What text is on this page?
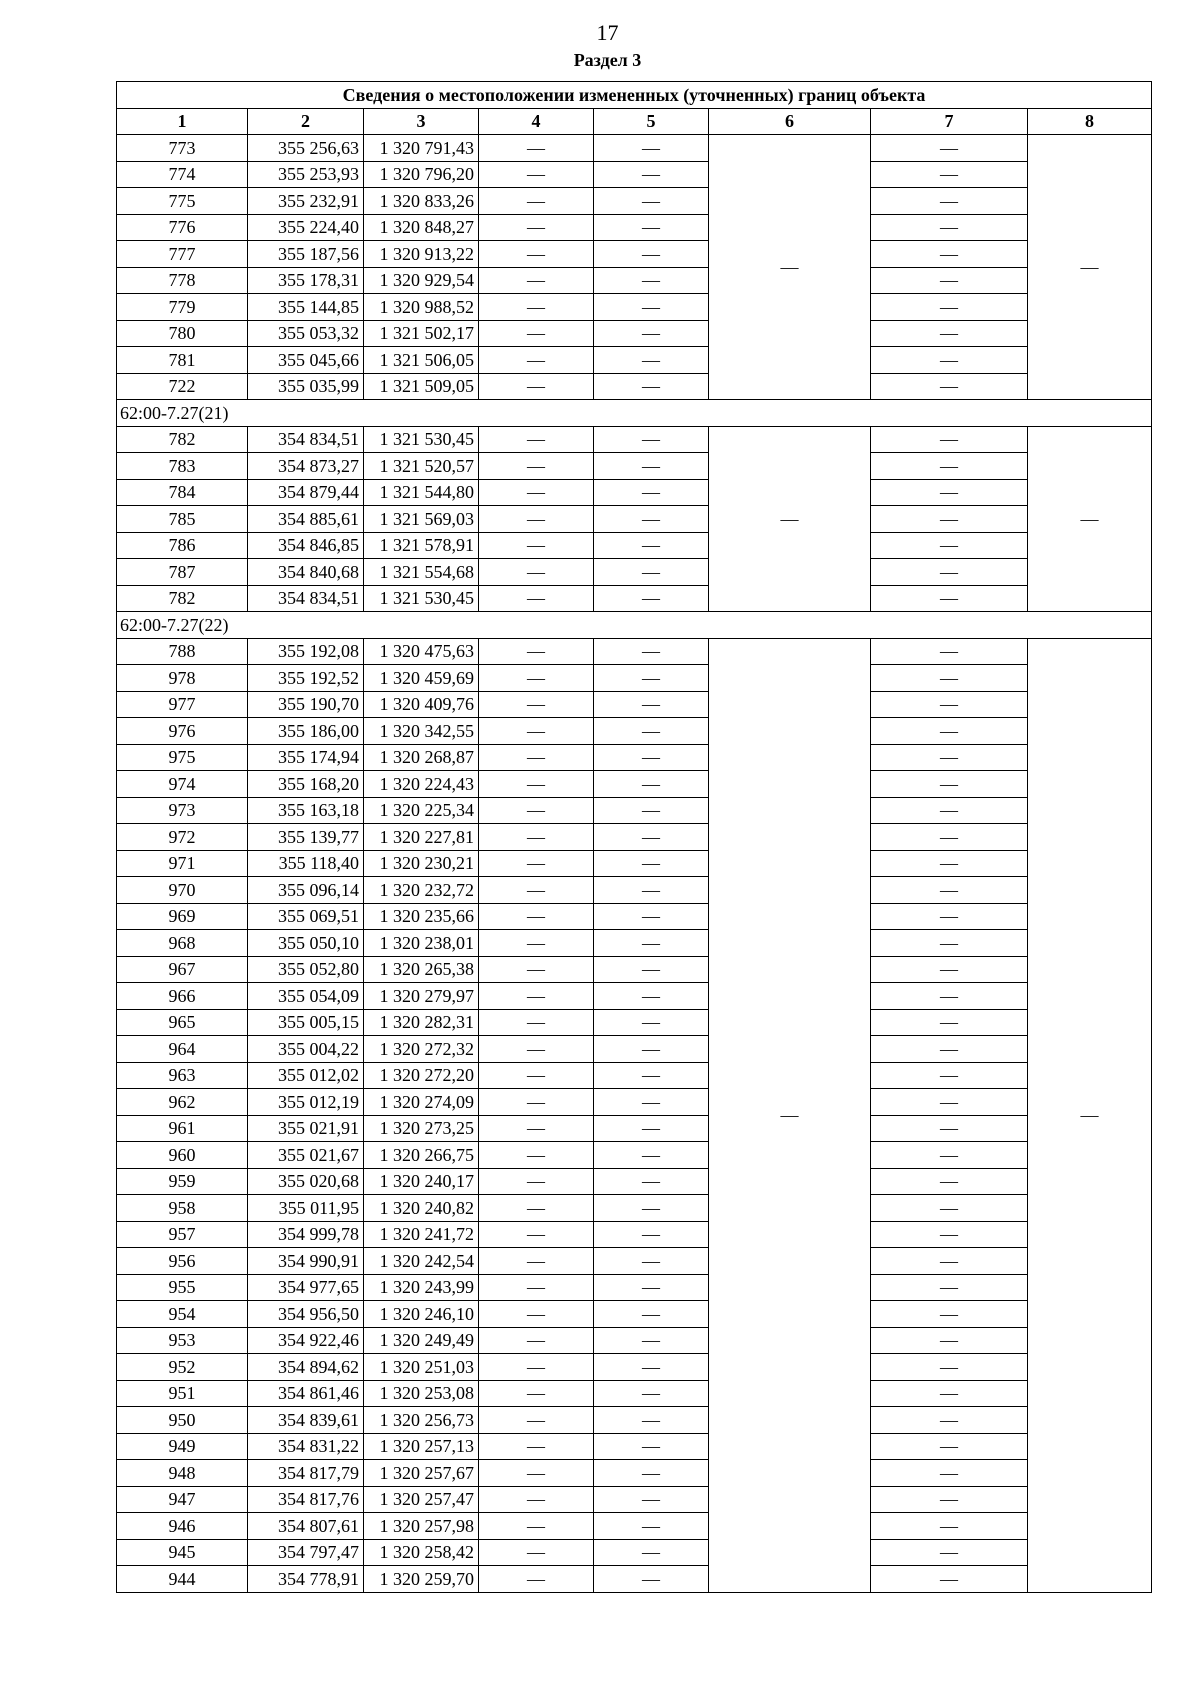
17
Раздел 3
Сведения о местоположении измененных (уточненных) границ объекта							
1	2	3	4	5	6	7	8
773	355 256,63	1 320 791,43	—	—	—	—	—
774	355 253,93	1 320 796,20	—	—		—	
775	355 232,91	1 320 833,26	—	—		—	
776	355 224,40	1 320 848,27	—	—		—	
777	355 187,56	1 320 913,22	—	—		—	
778	355 178,31	1 320 929,54	—	—		—	
779	355 144,85	1 320 988,52	—	—		—	
780	355 053,32	1 321 502,17	—	—		—	
781	355 045,66	1 321 506,05	—	—		—	
722	355 035,99	1 321 509,05	—	—		—	
62:00-7.27(21)							
782	354 834,51	1 321 530,45	—	—	—	—	—
783	354 873,27	1 321 520,57	—	—		—	
784	354 879,44	1 321 544,80	—	—		—	
785	354 885,61	1 321 569,03	—	—		—	
786	354 846,85	1 321 578,91	—	—		—	
787	354 840,68	1 321 554,68	—	—		—	
782	354 834,51	1 321 530,45	—	—		—	
62:00-7.27(22)							
788	355 192,08	1 320 475,63	—	—	—	—	—
978	355 192,52	1 320 459,69	—	—		—	
977	355 190,70	1 320 409,76	—	—		—	
976	355 186,00	1 320 342,55	—	—		—	
975	355 174,94	1 320 268,87	—	—		—	
974	355 168,20	1 320 224,43	—	—		—	
973	355 163,18	1 320 225,34	—	—		—	
972	355 139,77	1 320 227,81	—	—		—	
971	355 118,40	1 320 230,21	—	—		—	
970	355 096,14	1 320 232,72	—	—		—	
969	355 069,51	1 320 235,66	—	—		—	
968	355 050,10	1 320 238,01	—	—		—	
967	355 052,80	1 320 265,38	—	—		—	
966	355 054,09	1 320 279,97	—	—		—	
965	355 005,15	1 320 282,31	—	—		—	
964	355 004,22	1 320 272,32	—	—		—	
963	355 012,02	1 320 272,20	—	—		—	
962	355 012,19	1 320 274,09	—	—		—	
961	355 021,91	1 320 273,25	—	—		—	
960	355 021,67	1 320 266,75	—	—		—	
959	355 020,68	1 320 240,17	—	—		—	
958	355 011,95	1 320 240,82	—	—		—	
957	354 999,78	1 320 241,72	—	—		—	
956	354 990,91	1 320 242,54	—	—		—	
955	354 977,65	1 320 243,99	—	—		—	
954	354 956,50	1 320 246,10	—	—		—	
953	354 922,46	1 320 249,49	—	—		—	
952	354 894,62	1 320 251,03	—	—		—	
951	354 861,46	1 320 253,08	—	—		—	
950	354 839,61	1 320 256,73	—	—		—	
949	354 831,22	1 320 257,13	—	—		—	
948	354 817,79	1 320 257,67	—	—		—	
947	354 817,76	1 320 257,47	—	—		—	
946	354 807,61	1 320 257,98	—	—		—	
945	354 797,47	1 320 258,42	—	—		—	
944	354 778,91	1 320 259,70	—	—		—	
